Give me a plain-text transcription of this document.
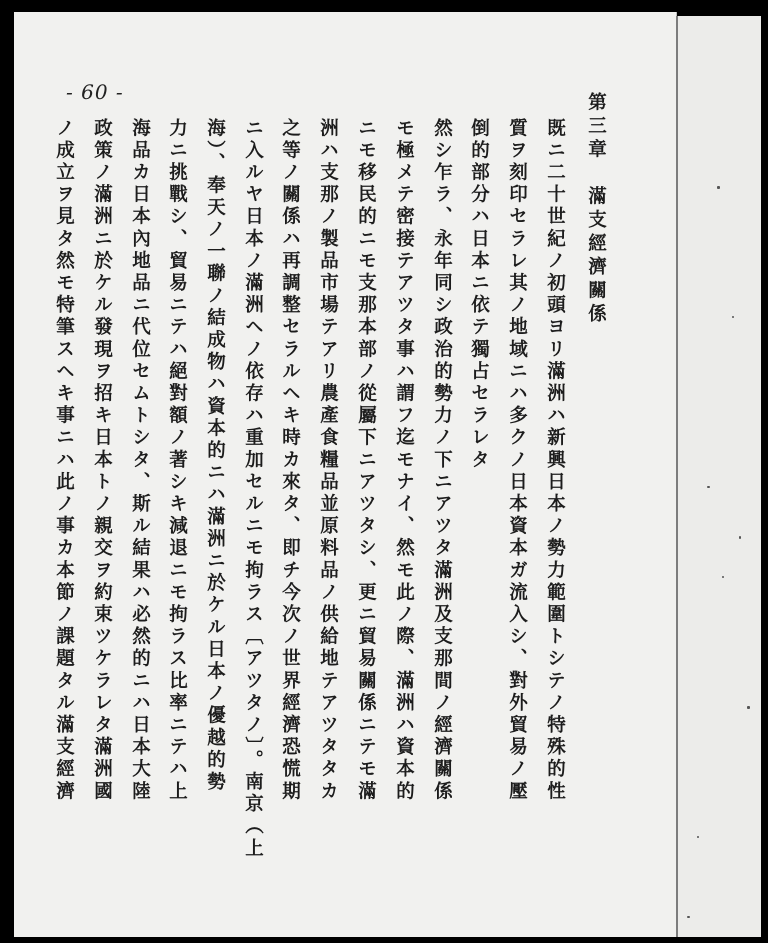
- 60 -	第三章　滿支經濟關係
既ニ二十世紀ノ初頭ヨリ滿洲ハ新興日本ノ勢力範圍トシテノ特殊的性
質ヲ刻印セラレ其ノ地域ニハ多クノ日本資本ガ流入シ、對外貿易ノ壓
倒的部分ハ日本ニ依テ獨占セラレタ
然シ乍ラ、永年同シ政治的勢力ノ下ニアツタ滿洲及支那間ノ經濟關係
モ極メテ密接テアツタ事ハ謂フ迄モナイ、然モ此ノ際、滿洲ハ資本的
ニモ移民的ニモ支那本部ノ從屬下ニアツタシ、更ニ貿易關係ニテモ滿
洲ハ支那ノ製品市場テアリ農產食糧品並原料品ノ供給地テアツタタカ
之等ノ關係ハ再調整セラルヘキ時カ來タ、即チ今次ノ世界經濟恐慌期
ニ入ルヤ日本ノ滿洲ヘノ依存ハ重加セルニモ拘ラス〔アツタノ〕。南京（上
海）、奉天ノ一聯ノ結成物ハ資本的ニハ滿洲ニ於ケル日本ノ優越的勢
力ニ挑戰シ、貿易ニテハ絕對額ノ著シキ減退ニモ拘ラス比率ニテハ上
海品カ日本內地品ニ代位セムトシタ、斯ル結果ハ必然的ニハ日本大陸
政策ノ滿洲ニ於ケル發現ヲ招キ日本トノ親交ヲ約束ツケラレタ滿洲國
ノ成立ヲ見タ然モ特筆スヘキ事ニハ此ノ事カ本節ノ課題タル滿支經濟
